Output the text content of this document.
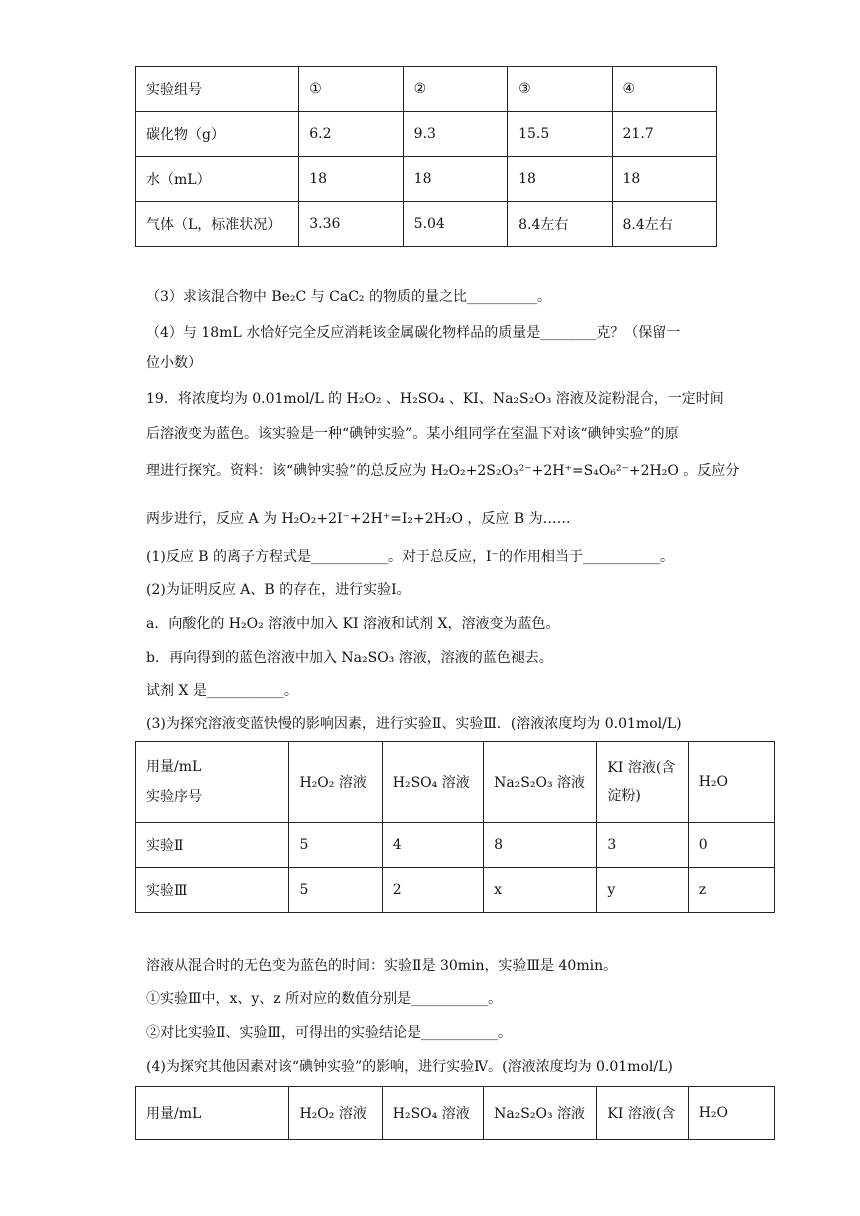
实验组号	①	②	③	④
碳化物（g）	6.2	9.3	15.5	21.7
水（mL）	18	18	18	18
气体（L，标准状况）	3.36	5.04	8.4左右	8.4左右
（3）求该混合物中 Be₂C 与 CaC₂ 的物质的量之比__________。
（4）与 18mL 水恰好完全反应消耗该金属碳化物样品的质量是________克？（保留一
位小数）
19．将浓度均为 0.01mol/L 的 H₂O₂ 、H₂SO₄ 、KI、Na₂S₂O₃ 溶液及淀粉混合，一定时间
后溶液变为蓝色。该实验是一种“碘钟实验”。某小组同学在室温下对该“碘钟实验”的原
理进行探究。资料：该“碘钟实验”的总反应为 H₂O₂+2S₂O₃²⁻+2H⁺=S₄O₆²⁻+2H₂O 。反应分
两步进行，反应 A 为 H₂O₂+2I⁻+2H⁺=I₂+2H₂O ，反应 B 为……
(1)反应 B 的离子方程式是___________。对于总反应，I⁻的作用相当于___________。
(2)为证明反应 A、B 的存在，进行实验Ⅰ。
a．向酸化的 H₂O₂ 溶液中加入 KI 溶液和试剂 X，溶液变为蓝色。
b．再向得到的蓝色溶液中加入 Na₂SO₃ 溶液，溶液的蓝色褪去。
试剂 X 是___________。
(3)为探究溶液变蓝快慢的影响因素，进行实验Ⅱ、实验Ⅲ．(溶液浓度均为 0.01mol/L)
用量/mL
实验序号	H₂O₂ 溶液	H₂SO₄ 溶液	Na₂S₂O₃ 溶液	KI 溶液(含淀粉)	H₂O
实验Ⅱ	5	4	8	3	0
实验Ⅲ	5	2	x	y	z
溶液从混合时的无色变为蓝色的时间：实验Ⅱ是 30min，实验Ⅲ是 40min。
①实验Ⅲ中，x、y、z 所对应的数值分别是___________。
②对比实验Ⅱ、实验Ⅲ，可得出的实验结论是___________。
(4)为探究其他因素对该“碘钟实验”的影响，进行实验Ⅳ。(溶液浓度均为 0.01mol/L)
用量/mL	H₂O₂ 溶液	H₂SO₄ 溶液	Na₂S₂O₃ 溶液	KI 溶液(含	H₂O
